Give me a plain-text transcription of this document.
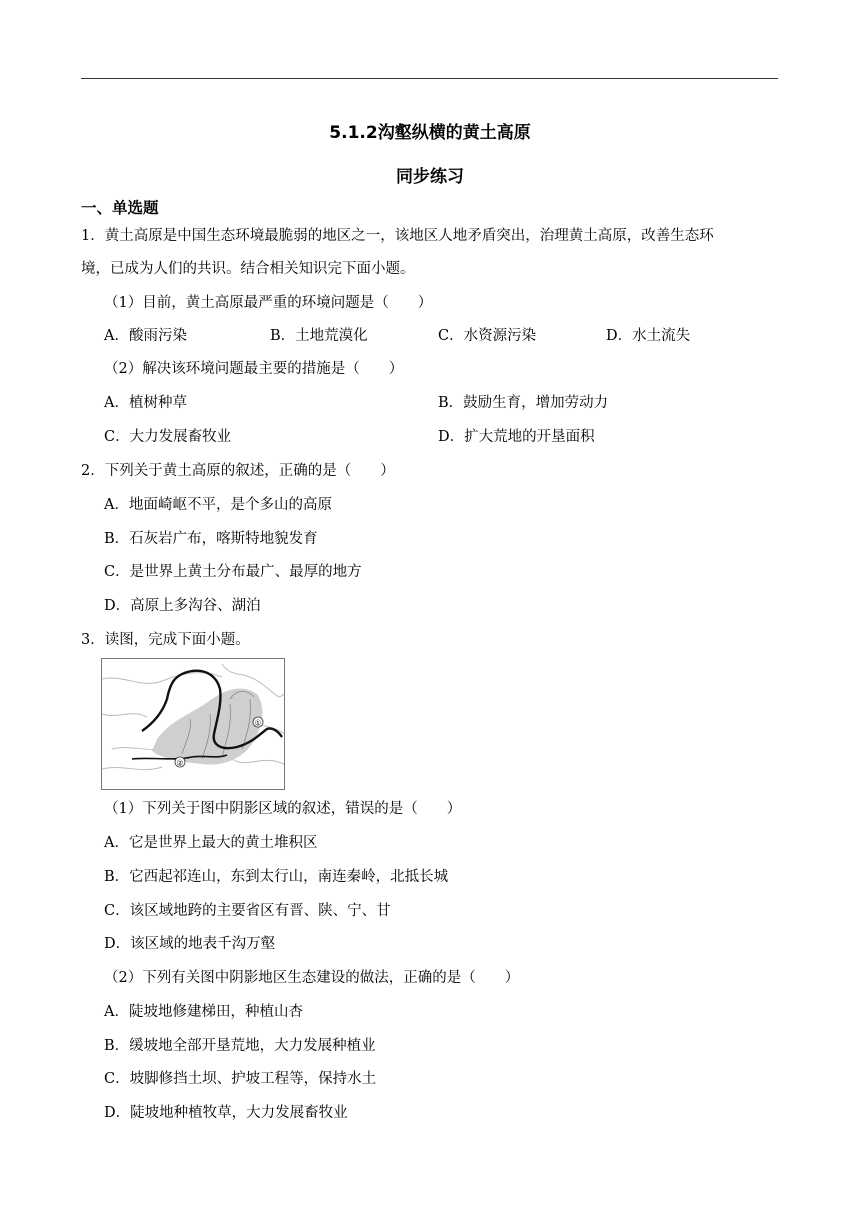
5.1.2沟壑纵横的黄土高原
同步练习
一、单选题
1．黄土高原是中国生态环境最脆弱的地区之一，该地区人地矛盾突出，治理黄土高原，改善生态环
境，已成为人们的共识。结合相关知识完下面小题。
（1）目前，黄土高原最严重的环境问题是（　　）
A．酸雨污染	B．土地荒漠化	C．水资源污染	D．水土流失
（2）解决该环境问题最主要的措施是（　　）
A．植树种草	B．鼓励生育，增加劳动力
C．大力发展畜牧业	D．扩大荒地的开垦面积
2．下列关于黄土高原的叙述，正确的是（　　）
A．地面崎岖不平，是个多山的高原
B．石灰岩广布，喀斯特地貌发育
C．是世界上黄土分布最广、最厚的地方
D．高原上多沟谷、湖泊
3．读图，完成下面小题。
①
②
（1）下列关于图中阴影区域的叙述，错误的是（　　）
A．它是世界上最大的黄土堆积区
B．它西起祁连山，东到太行山，南连秦岭，北抵长城
C．该区域地跨的主要省区有晋、陕、宁、甘
D．该区域的地表千沟万壑
（2）下列有关图中阴影地区生态建设的做法，正确的是（　　）
A．陡坡地修建梯田，种植山杏
B．缓坡地全部开垦荒地，大力发展种植业
C．坡脚修挡土坝、护坡工程等，保持水土
D．陡坡地种植牧草，大力发展畜牧业
